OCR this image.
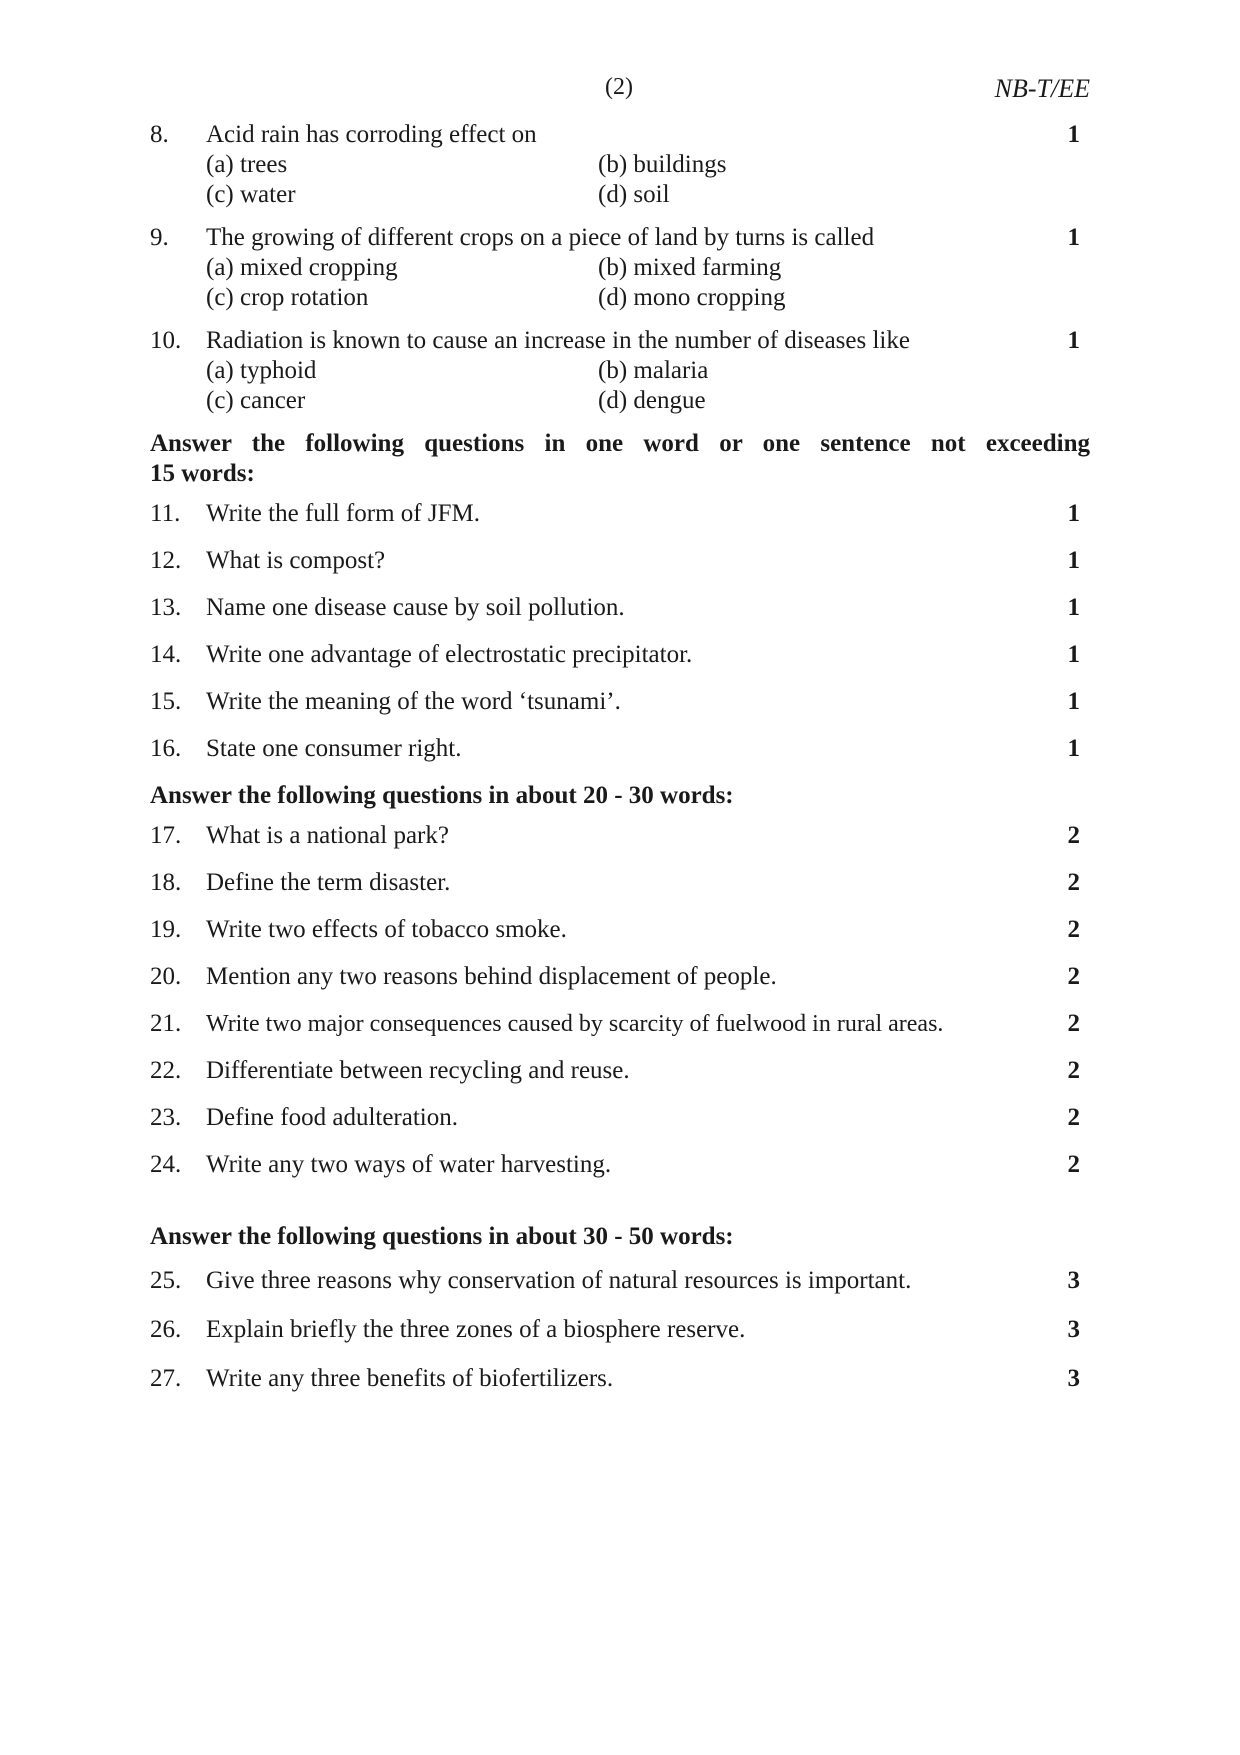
(2)	NB-T/EE
8. Acid rain has corroding effect on	1
(a) trees	(b) buildings
(c) water	(d) soil
9. The growing of different crops on a piece of land by turns is called	1
(a) mixed cropping	(b) mixed farming
(c) crop rotation	(d) mono cropping
10. Radiation is known to cause an increase in the number of diseases like	1
(a) typhoid	(b) malaria
(c) cancer	(d) dengue
Answer the following questions in one word or one sentence not exceeding
15 words:
11. Write the full form of JFM.	1
12. What is compost?	1
13. Name one disease cause by soil pollution.	1
14. Write one advantage of electrostatic precipitator.	1
15. Write the meaning of the word ‘tsunami’.	1
16. State one consumer right.	1
Answer the following questions in about 20 - 30 words:
17. What is a national park?	2
18. Define the term disaster.	2
19. Write two effects of tobacco smoke.	2
20. Mention any two reasons behind displacement of people.	2
21. Write two major consequences caused by scarcity of fuelwood in rural areas.	2
22. Differentiate between recycling and reuse.	2
23. Define food adulteration.	2
24. Write any two ways of water harvesting.	2
Answer the following questions in about 30 - 50 words:
25. Give three reasons why conservation of natural resources is important.	3
26. Explain briefly the three zones of a biosphere reserve.	3
27. Write any three benefits of biofertilizers.	3
